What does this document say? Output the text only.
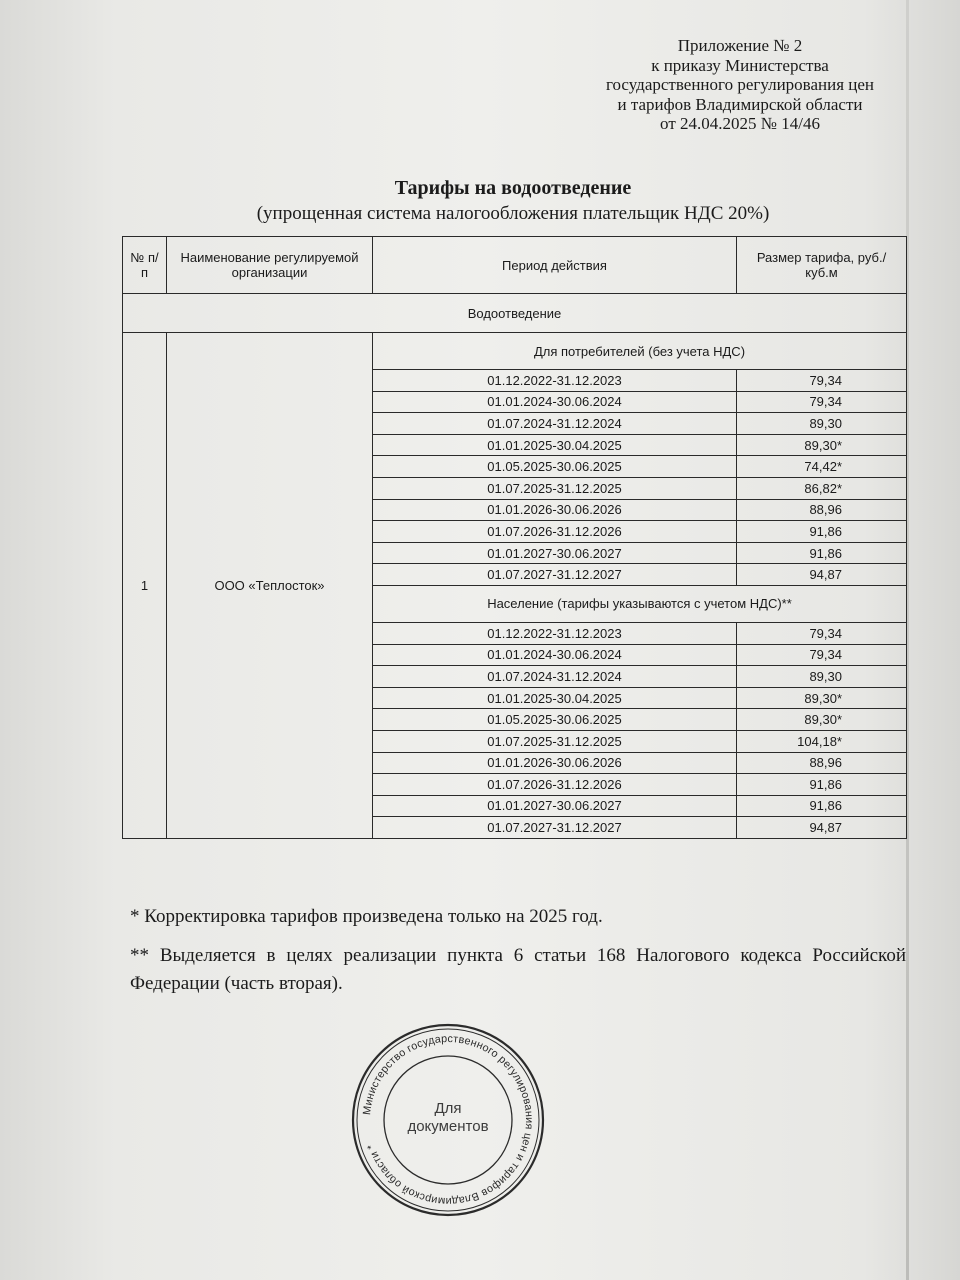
Приложение № 2
к приказу Министерства
государственного регулирования цен
и тарифов Владимирской области
от 24.04.2025 № 14/46
Тарифы на водоотведение
(упрощенная система налогообложения плательщик НДС 20%)
№ п/п	Наименование регулируемой организации	Период действия	Размер тарифа, руб./куб.м
Водоотведение			
1	ООО «Теплосток»	Для потребителей (без учета НДС)	
		01.12.2022-31.12.2023	79,34
		01.01.2024-30.06.2024	79,34
		01.07.2024-31.12.2024	89,30
		01.01.2025-30.04.2025	89,30*
		01.05.2025-30.06.2025	74,42*
		01.07.2025-31.12.2025	86,82*
		01.01.2026-30.06.2026	88,96
		01.07.2026-31.12.2026	91,86
		01.01.2027-30.06.2027	91,86
		01.07.2027-31.12.2027	94,87
		Население (тарифы указываются с учетом НДС)**	
		01.12.2022-31.12.2023	79,34
		01.01.2024-30.06.2024	79,34
		01.07.2024-31.12.2024	89,30
		01.01.2025-30.04.2025	89,30*
		01.05.2025-30.06.2025	89,30*
		01.07.2025-31.12.2025	104,18*
		01.01.2026-30.06.2026	88,96
		01.07.2026-31.12.2026	91,86
		01.01.2027-30.06.2027	91,86
		01.07.2027-31.12.2027	94,87
* Корректировка тарифов произведена только на 2025 год.
** Выделяется в целях реализации пункта 6 статьи 168 Налогового кодекса Российской Федерации (часть вторая).
Министерство государственного регулирования цен и тарифов Владимирской области *
Для
документов
